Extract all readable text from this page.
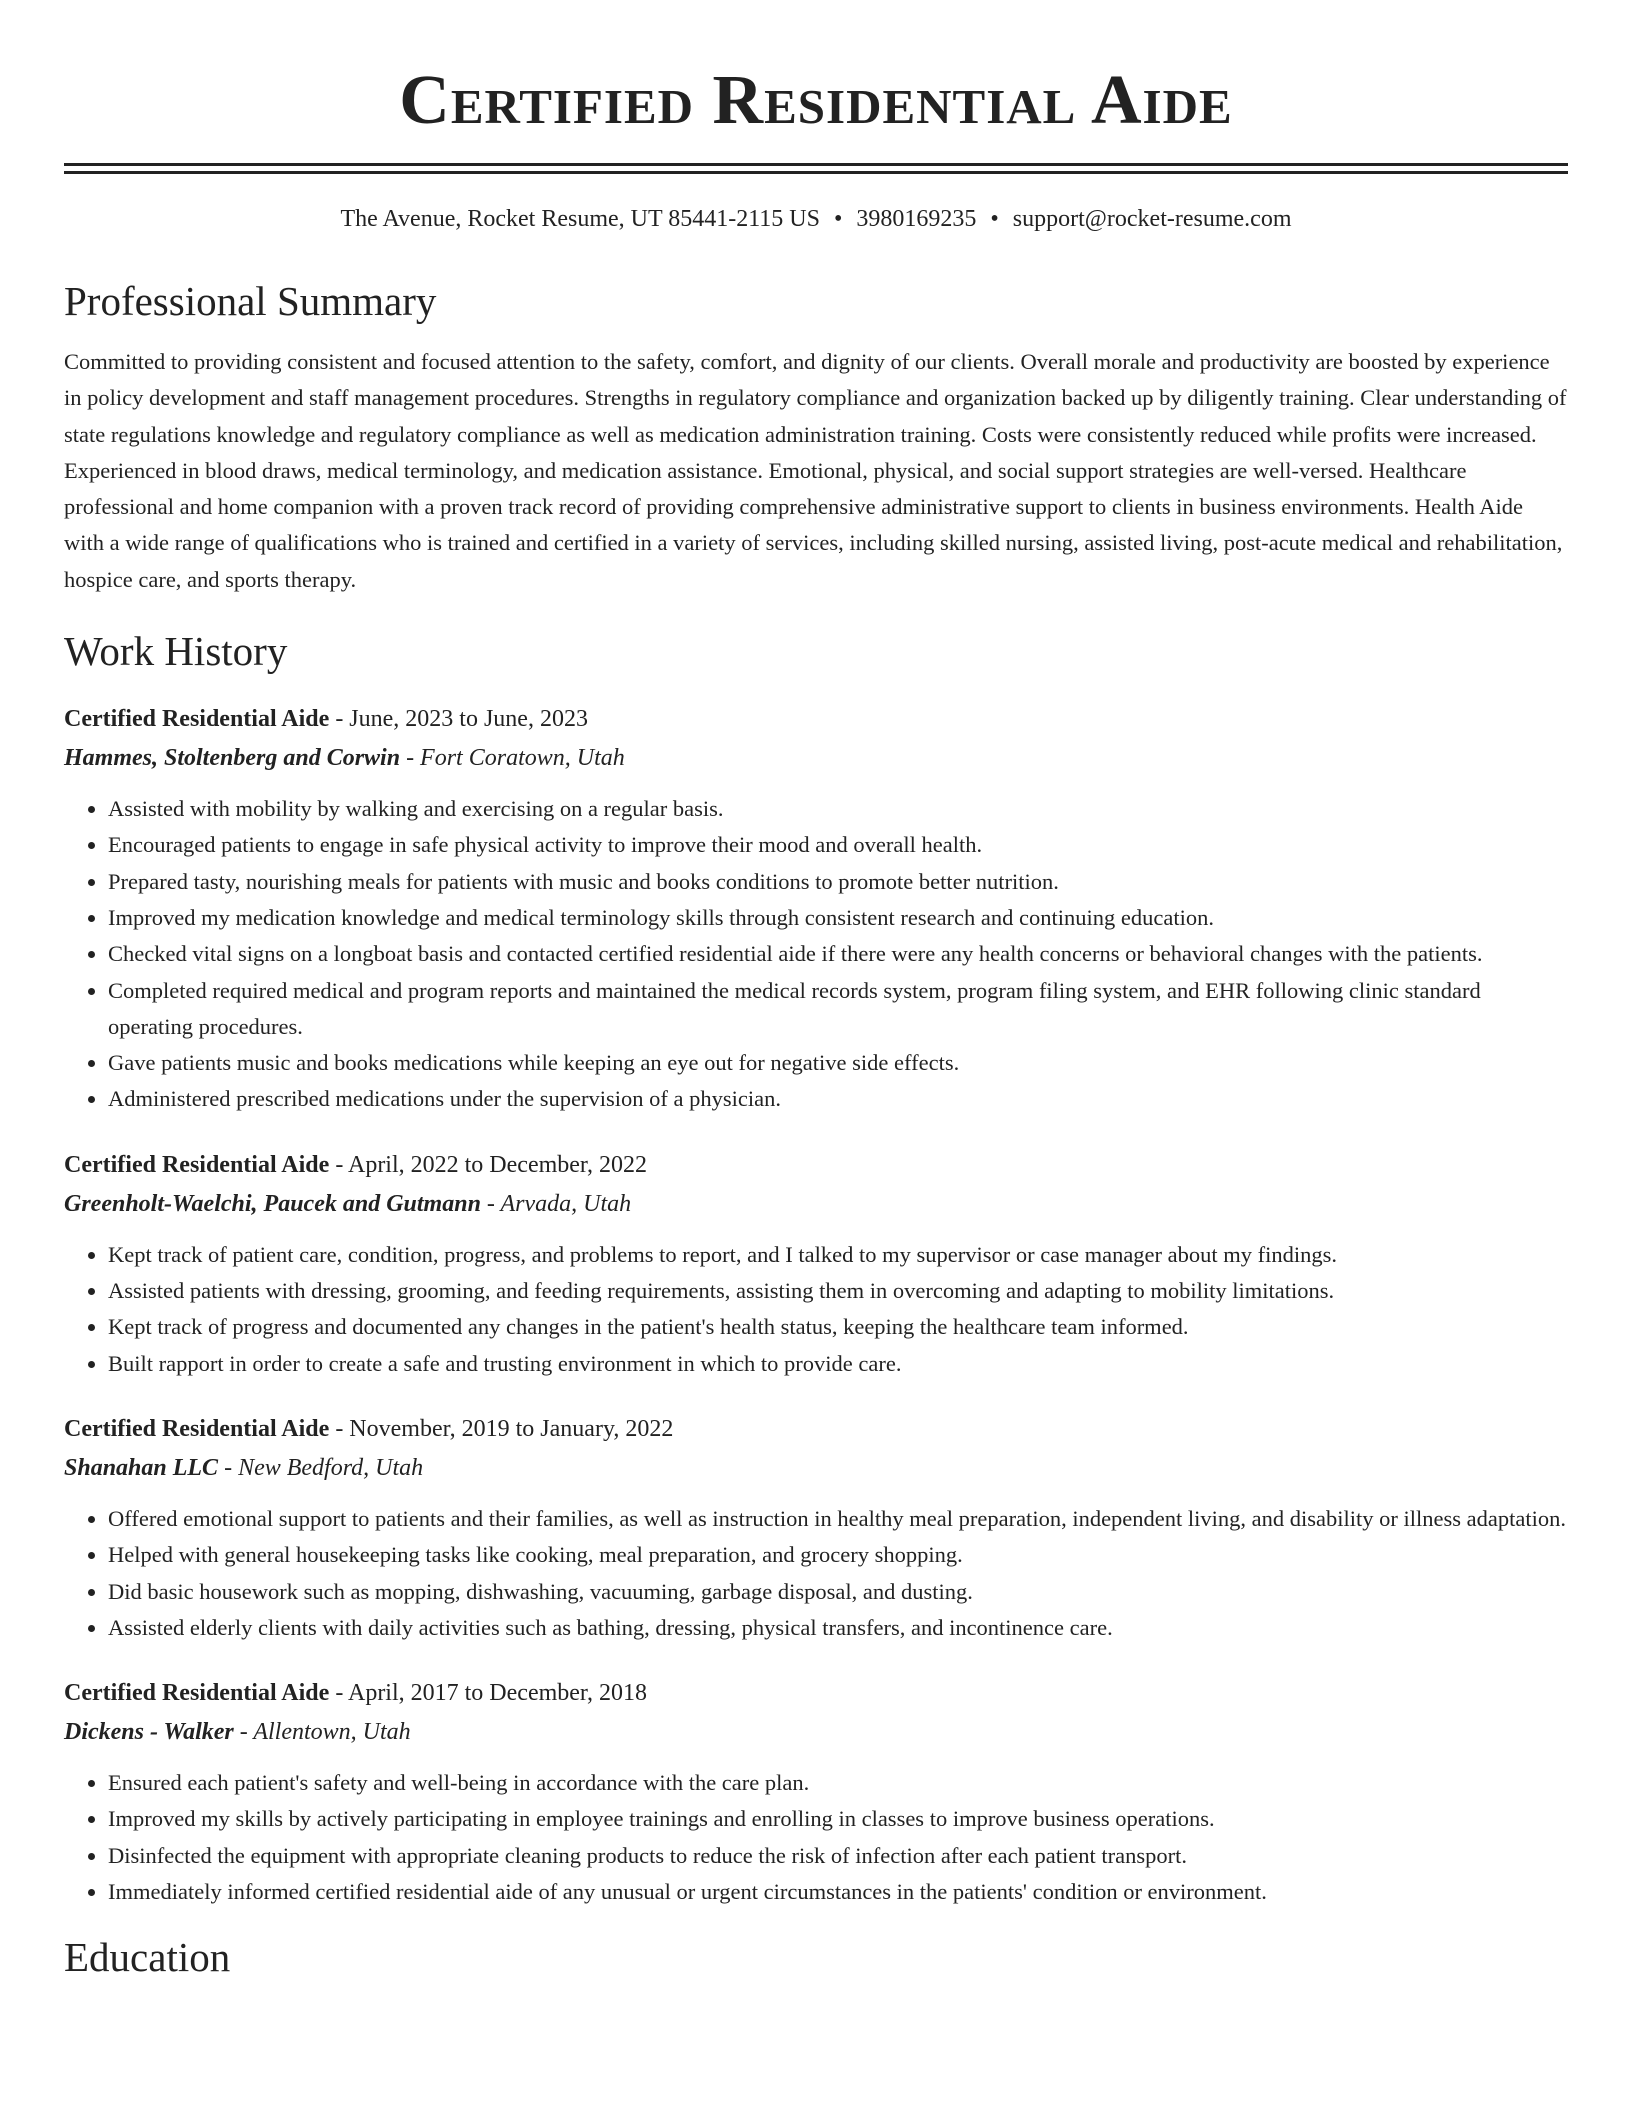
Certified Residential Aide
The Avenue, Rocket Resume, UT 85441-2115 US • 3980169235 • support@rocket-resume.com
Professional Summary

Committed to providing consistent and focused attention to the safety, comfort, and dignity of our clients. Overall morale and productivity are boosted by experience in policy development and staff management procedures. Strengths in regulatory compliance and organization backed up by diligently training. Clear understanding of state regulations knowledge and regulatory compliance as well as medication administration training. Costs were consistently reduced while profits were increased. Experienced in blood draws, medical terminology, and medication assistance. Emotional, physical, and social support strategies are well-versed. Healthcare professional and home companion with a proven track record of providing comprehensive administrative support to clients in business environments. Health Aide with a wide range of qualifications who is trained and certified in a variety of services, including skilled nursing, assisted living, post-acute medical and rehabilitation, hospice care, and sports therapy.

Work History
Certified Residential Aide - June, 2023 to June, 2023
Hammes, Stoltenberg and Corwin - Fort Coratown, Utah
• Assisted with mobility by walking and exercising on a regular basis.
• Encouraged patients to engage in safe physical activity to improve their mood and overall health.
• Prepared tasty, nourishing meals for patients with music and books conditions to promote better nutrition.
• Improved my medication knowledge and medical terminology skills through consistent research and continuing education.
• Checked vital signs on a longboat basis and contacted certified residential aide if there were any health concerns or behavioral changes with the patients.
• Completed required medical and program reports and maintained the medical records system, program filing system, and EHR following clinic standard operating procedures.
• Gave patients music and books medications while keeping an eye out for negative side effects.
• Administered prescribed medications under the supervision of a physician.
Certified Residential Aide - April, 2022 to December, 2022
Greenholt-Waelchi, Paucek and Gutmann - Arvada, Utah
• Kept track of patient care, condition, progress, and problems to report, and I talked to my supervisor or case manager about my findings.
• Assisted patients with dressing, grooming, and feeding requirements, assisting them in overcoming and adapting to mobility limitations.
• Kept track of progress and documented any changes in the patient's health status, keeping the healthcare team informed.
• Built rapport in order to create a safe and trusting environment in which to provide care.
Certified Residential Aide - November, 2019 to January, 2022
Shanahan LLC - New Bedford, Utah
• Offered emotional support to patients and their families, as well as instruction in healthy meal preparation, independent living, and disability or illness adaptation.
• Helped with general housekeeping tasks like cooking, meal preparation, and grocery shopping.
• Did basic housework such as mopping, dishwashing, vacuuming, garbage disposal, and dusting.
• Assisted elderly clients with daily activities such as bathing, dressing, physical transfers, and incontinence care.
Certified Residential Aide - April, 2017 to December, 2018
Dickens - Walker - Allentown, Utah
• Ensured each patient's safety and well-being in accordance with the care plan.
• Improved my skills by actively participating in employee trainings and enrolling in classes to improve business operations.
• Disinfected the equipment with appropriate cleaning products to reduce the risk of infection after each patient transport.
• Immediately informed certified residential aide of any unusual or urgent circumstances in the patients' condition or environment.
Education
